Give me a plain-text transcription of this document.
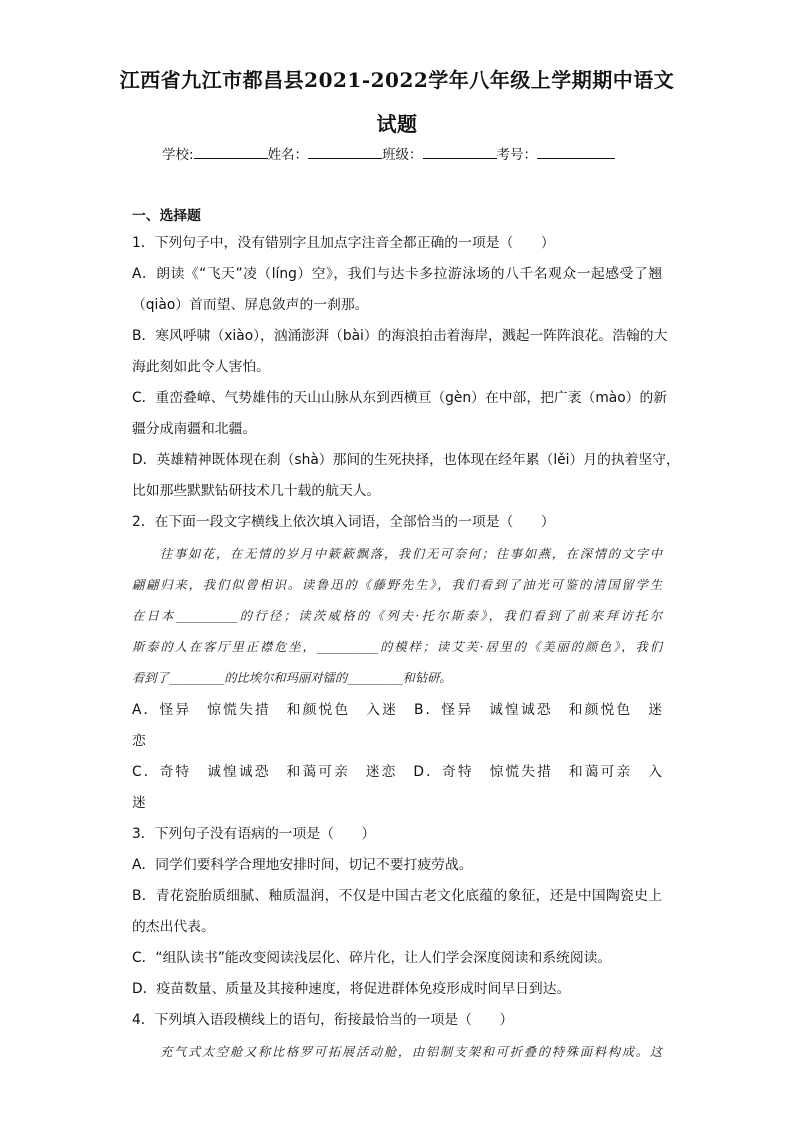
江西省九江市都昌县2021-2022学年八年级上学期期中语文
试题
学校:	姓名：	班级：	考号：
一、选择题
1．下列句子中，没有错别字且加点字注音全都正确的一项是（　　）
A．朗读《“飞天”凌（líng）空》，我们与达卡多拉游泳场的八千名观众一起感受了翘
（qiào）首而望、屏息敛声的一刹那。
B．寒风呼啸（xiào），汹涌澎湃（bài）的海浪拍击着海岸，溅起一阵阵浪花。浩翰的大
海此刻如此令人害怕。
C．重峦叠嶂、气势雄伟的天山山脉从东到西横亘（gèn）在中部，把广袤（mào）的新
疆分成南疆和北疆。
D．英雄精神既体现在刹（shà）那间的生死抉择，也体现在经年累（lěi）月的执着坚守，
比如那些默默钻研技术几十载的航天人。
2．在下面一段文字横线上依次填入词语，全部恰当的一项是（　　）
往事如花，在无情的岁月中簌簌飘落，我们无可奈何；往事如燕，在深情的文字中
翩翩归来，我们似曾相识。读鲁迅的《藤野先生》，我们看到了油光可鉴的清国留学生
在日本__________的行径；读茨威格的《列夫·托尔斯泰》，我们看到了前来拜访托尔
斯泰的人在客厅里正襟危坐，__________的模样；读艾芙·居里的《美丽的颜色》，我们
看到了_________的比埃尔和玛丽对镭的_________和钻研。
A．怪异　惊慌失措　和颜悦色　入迷　 B．怪异　诚惶诚恐　和颜悦色　迷
恋
C．奇特　诚惶诚恐　和蔼可亲　迷恋　 D．奇特　惊慌失措　和蔼可亲　入
迷
3．下列句子没有语病的一项是（　　）
A．同学们要科学合理地安排时间，切记不要打疲劳战。
B．青花瓷胎质细腻、釉质温润，不仅是中国古老文化底蕴的象征，还是中国陶瓷史上
的杰出代表。
C．“组队读书”能改变阅读浅层化、碎片化，让人们学会深度阅读和系统阅读。
D．疫苗数量、质量及其接种速度，将促进群体免疫形成时间早日到达。
4．下列填入语段横线上的语句，衔接最恰当的一项是（　　）
充气式太空舱又称比格罗可拓展活动舱，由铝制支架和可折叠的特殊面料构成。这
